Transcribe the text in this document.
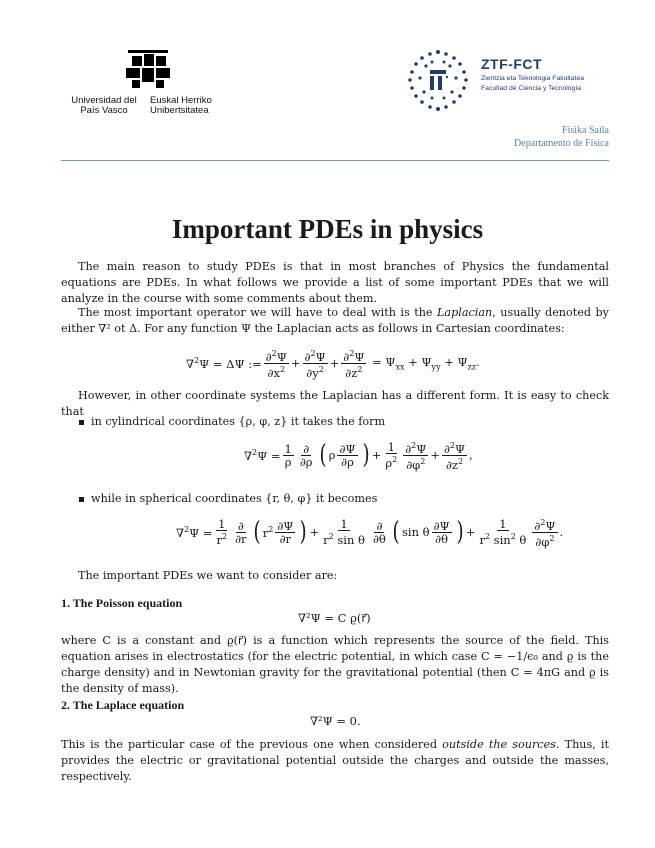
Universidad del País Vasco
Euskal Herriko Unibertsitatea
ZTF-FCT
Zientzia eta Teknologia Fakultatea
Facultad de Ciencia y Tecnología
Fisika Saila
Departamento de Física
Important PDEs in physics
The main reason to study PDEs is that in most branches of Physics the fundamental equations are PDEs. In what follows we provide a list of some important PDEs that we will analyze in the course with some comments about them.
The most important operator we will have to deal with is the Laplacian, usually denoted by either ∇² ot Δ. For any function Ψ the Laplacian acts as follows in Cartesian coordinates:
∇$^2$Ψ = ΔΨ := $\frac{\partial^2\Psi}{\partial x^2} + \frac{\partial^2\Psi}{\partial y^2} + \frac{\partial^2\Psi}{\partial z^2} = \Psi_{xx} + \Psi_{yy} + \Psi_{zz}$.
However, in other coordinate systems the Laplacian has a different form. It is easy to check that
in cylindrical coordinates {ρ, φ, z} it takes the form
$\nabla^2\Psi = \frac{1}{\rho} \frac{\partial}{\partial\rho}$ ( ρ $\frac{\partial\Psi}{\partial\rho}$ ) + $\frac{1}{\rho^2} \frac{\partial^2\Psi}{\partial\varphi^2} + \frac{\partial^2\Psi}{\partial z^2}$ ,
while in spherical coordinates {r, θ, φ} it becomes
$\nabla^2\Psi = \frac{1}{r^2} \frac{\partial}{\partial r}$ ( $r^2 \frac{\partial\Psi}{\partial r}$ ) + $\frac{1}{r^2 \sin \theta} \frac{\partial}{\partial\theta}$ ( sin θ $\frac{\partial\Psi}{\partial\theta}$ ) + $\frac{1}{r^2 \sin^2 \theta} \frac{\partial^2\Psi}{\partial\varphi^2}$ .
The important PDEs we want to consider are:
1. The Poisson equation
∇²Ψ = C ϱ(r⃗)
where C is a constant and ϱ(r⃗) is a function which represents the source of the field. This equation arises in electrostatics (for the electric potential, in which case C = −1/ϵ₀ and ϱ is the charge density) and in Newtonian gravity for the gravitational potential (then C = 4πG and ϱ is the density of mass).
2. The Laplace equation
∇²Ψ = 0.
This is the particular case of the previous one when considered outside the sources. Thus, it provides the electric or gravitational potential outside the charges and outside the masses, respectively.
